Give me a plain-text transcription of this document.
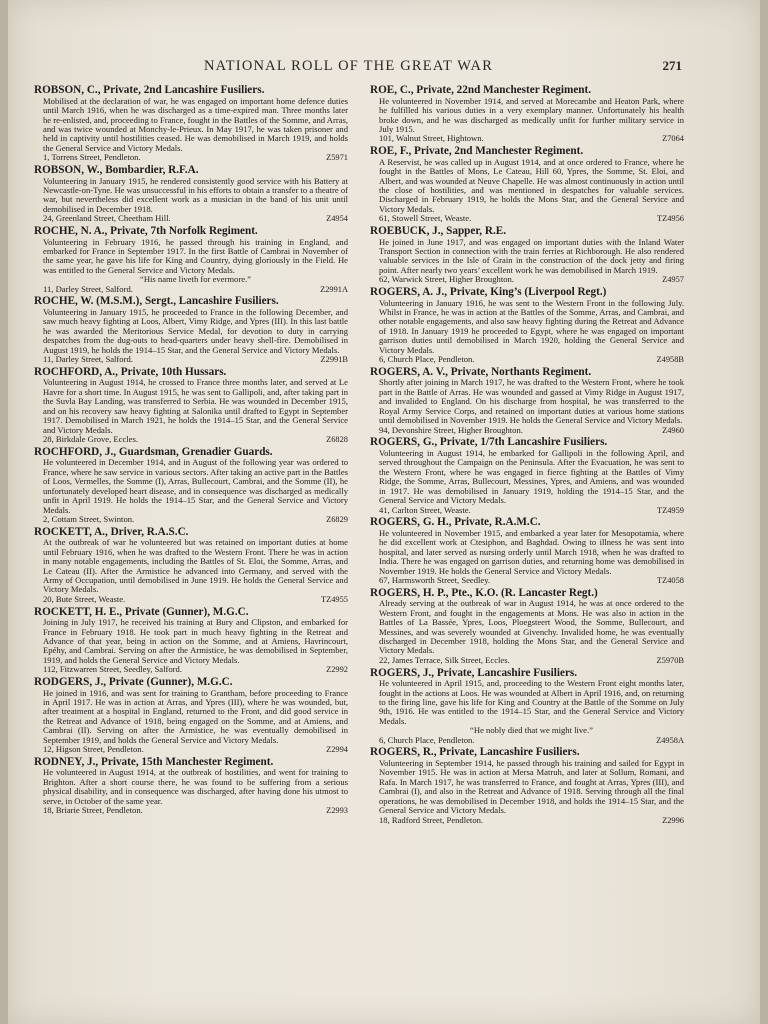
NATIONAL ROLL OF THE GREAT WAR	271
ROBSON, C., Private, 2nd Lancashire Fusiliers.

Mobilised at the declaration of war, he was engaged on important home defence duties until March 1916, when he was discharged as a time-expired man. Three months later he re-enlisted, and, proceeding to France, fought in the Battles of the Somme, and Arras, and was twice wounded at Monchy-le-Prieux. In May 1917, he was taken prisoner and held in captivity until hostilities ceased. He was demobilised in March 1919, and holds the General Service and Victory Medals.

1, Torrens Street, Pendleton.	Z5971
ROBSON, W., Bombardier, R.F.A.

Volunteering in January 1915, he rendered consistently good service with his Battery at Newcastle-on-Tyne. He was unsuccessful in his efforts to obtain a transfer to a theatre of war, but nevertheless did excellent work as a musician in the band of his unit until demobilised in December 1918.

24, Greenland Street, Cheetham Hill.	Z4954
ROCHE, N. A., Private, 7th Norfolk Regiment.

Volunteering in February 1916, he passed through his training in England, and embarked for France in September 1917. In the first Battle of Cambrai in November of the same year, he gave his life for King and Country, dying gloriously in the Field. He was entitled to the General Service and Victory Medals.

“His name liveth for evermore.”

11, Darley Street, Salford.	Z2991A
ROCHE, W. (M.S.M.), Sergt., Lancashire Fusiliers.

Volunteering in January 1915, he proceeded to France in the following December, and saw much heavy fighting at Loos, Albert, Vimy Ridge, and Ypres (III). In this last battle he was awarded the Meritorious Service Medal, for devotion to duty in carrying despatches from the dug-outs to head-quarters under heavy shell-fire. Demobilised in August 1919, he holds the 1914–15 Star, and the General Service and Victory Medals.

11, Darley Street, Salford.	Z2991B
ROCHFORD, A., Private, 10th Hussars.

Volunteering in August 1914, he crossed to France three months later, and served at Le Havre for a short time. In August 1915, he was sent to Gallipoli, and, after taking part in the Suvla Bay Landing, was transferred to Serbia. He was wounded in December 1915, and on his recovery saw heavy fighting at Salonika until drafted to Egypt in September 1917. Demobilised in March 1921, he holds the 1914–15 Star, and the General Service and Victory Medals.

28, Birkdale Grove, Eccles.	Z6828
ROCHFORD, J., Guardsman, Grenadier Guards.

He volunteered in December 1914, and in August of the following year was ordered to France, where he saw service in various sectors. After taking an active part in the Battles of Loos, Vermelles, the Somme (I), Arras, Bullecourt, Cambrai, and the Somme (II), he unfortunately developed heart disease, and in consequence was discharged as medically unfit in April 1919. He holds the 1914–15 Star, and the General Service and Victory Medals.

2, Cottam Street, Swinton.	Z6829
ROCKETT, A., Driver, R.A.S.C.

At the outbreak of war he volunteered but was retained on important duties at home until February 1916, when he was drafted to the Western Front. There he was in action in many notable engagements, including the Battles of St. Eloi, the Somme, Arras, and Le Cateau (II). After the Armistice he advanced into Germany, and served with the Army of Occupation, until demobilised in June 1919. He holds the General Service and Victory Medals.

20, Bute Street, Weaste.	TZ4955
ROCKETT, H. E., Private (Gunner), M.G.C.

Joining in July 1917, he received his training at Bury and Clipston, and embarked for France in February 1918. He took part in much heavy fighting in the Retreat and Advance of that year, being in action on the Somme, and at Amiens, Havrincourt, Epéhy, and Cambrai. Serving on after the Armistice, he was demobilised in September, 1919, and holds the General Service and Victory Medals.

112, Fitzwarren Street, Seedley, Salford.	Z2992
RODGERS, J., Private (Gunner), M.G.C.

He joined in 1916, and was sent for training to Grantham, before proceeding to France in April 1917. He was in action at Arras, and Ypres (III), where he was wounded, but, after treatment at a hospital in England, returned to the Front, and did good service in the Retreat and Advance of 1918, being engaged on the Somme, and at Amiens, and Cambrai (II). Serving on after the Armistice, he was eventually demobilised in September 1919, and holds the General Service and Victory Medals.

12, Higson Street, Pendleton.	Z2994
RODNEY, J., Private, 15th Manchester Regiment.

He volunteered in August 1914, at the outbreak of hostilities, and went for training to Brighton. After a short course there, he was found to be suffering from a serious physical disability, and in consequence was discharged, after having done his utmost to serve, in October of the same year.

18, Briarie Street, Pendleton.	Z2993
ROE, C., Private, 22nd Manchester Regiment.

He volunteered in November 1914, and served at Morecambe and Heaton Park, where he fulfilled his various duties in a very exemplary manner. Unfortunately his health broke down, and he was discharged as medically unfit for further military service in July 1915.

101, Walnut Street, Hightown.	Z7064
ROE, F., Private, 2nd Manchester Regiment.

A Reservist, he was called up in August 1914, and at once ordered to France, where he fought in the Battles of Mons, Le Cateau, Hill 60, Ypres, the Somme, St. Eloi, and Albert, and was wounded at Neuve Chapelle. He was almost continuously in action until the close of hostilities, and was mentioned in despatches for valuable services. Discharged in February 1919, he holds the Mons Star, and the General Service and Victory Medals.

61, Stowell Street, Weaste.	TZ4956
ROEBUCK, J., Sapper, R.E.

He joined in June 1917, and was engaged on important duties with the Inland Water Transport Section in connection with the train ferries at Richborough. He also rendered valuable services in the Isle of Grain in the construction of the dock jetty and firing point. After nearly two years’ excellent work he was demobilised in March 1919.

62, Warwick Street, Higher Broughton.	Z4957
ROGERS, A. J., Private, King’s (Liverpool Regt.)

Volunteering in January 1916, he was sent to the Western Front in the following July. Whilst in France, he was in action at the Battles of the Somme, Arras, and Cambrai, and other notable engagements, and also saw heavy fighting during the Retreat and Advance of 1918. In January 1919 he proceeded to Egypt, where he was engaged on important garrison duties until demobilised in March 1920, holding the General Service and Victory Medals.

6, Church Place, Pendleton.	Z4958B
ROGERS, A. V., Private, Northants Regiment.

Shortly after joining in March 1917, he was drafted to the Western Front, where he took part in the Battle of Arras. He was wounded and gassed at Vimy Ridge in August 1917, and invalided to England. On his discharge from hospital, he was transferred to the Royal Army Service Corps, and retained on important duties at various home stations until demobilised in November 1919. He holds the General Service and Victory Medals.

94, Devonshire Street, Higher Broughton.	Z4960
ROGERS, G., Private, 1/7th Lancashire Fusiliers.

Volunteering in August 1914, he embarked for Gallipoli in the following April, and served throughout the Campaign on the Peninsula. After the Evacuation, he was sent to the Western Front, where he was engaged in fierce fighting at the Battles of Vimy Ridge, the Somme, Arras, Bullecourt, Messines, Ypres, and Amiens, and was wounded in 1917. He was demobilised in January 1919, holding the 1914–15 Star, and the General Service and Victory Medals.

41, Carlton Street, Weaste.	TZ4959
ROGERS, G. H., Private, R.A.M.C.

He volunteered in November 1915, and embarked a year later for Mesopotamia, where he did excellent work at Ctesiphon, and Baghdad. Owing to illness he was sent into hospital, and later served as nursing orderly until March 1918, when he was drafted to India. There he was engaged on garrison duties, and returning home was demobilised in November 1919. He holds the General Service and Victory Medals.

67, Harmsworth Street, Seedley.	TZ4058
ROGERS, H. P., Pte., K.O. (R. Lancaster Regt.)

Already serving at the outbreak of war in August 1914, he was at once ordered to the Western Front, and fought in the engagements at Mons. He was also in action in the Battles of La Bassée, Ypres, Loos, Ploegsteert Wood, the Somme, Bullecourt, and Messines, and was severely wounded at Givenchy. Invalided home, he was eventually discharged in December 1918, holding the Mons Star, and the General Service and Victory Medals.

22, James Terrace, Silk Street, Eccles.	Z5970B
ROGERS, J., Private, Lancashire Fusiliers.

He volunteered in April 1915, and, proceeding to the Western Front eight months later, fought in the actions at Loos. He was wounded at Albert in April 1916, and, on returning to the firing line, gave his life for King and Country at the Battle of the Somme on July 9th, 1916. He was entitled to the 1914–15 Star, and the General Service and Victory Medals.

“He nobly died that we might live.”

6, Church Place, Pendleton.	Z4958A
ROGERS, R., Private, Lancashire Fusiliers.

Volunteering in September 1914, he passed through his training and sailed for Egypt in November 1915. He was in action at Mersa Matruh, and later at Sollum, Romani, and Rafa. In March 1917, he was transferred to France, and fought at Arras, Ypres (III), and Cambrai (I), and also in the Retreat and Advance of 1918. Serving through all the final operations, he was demobilised in December 1918, and holds the 1914–15 Star, and the General Service and Victory Medals.

18, Radford Street, Pendleton.	Z2996
